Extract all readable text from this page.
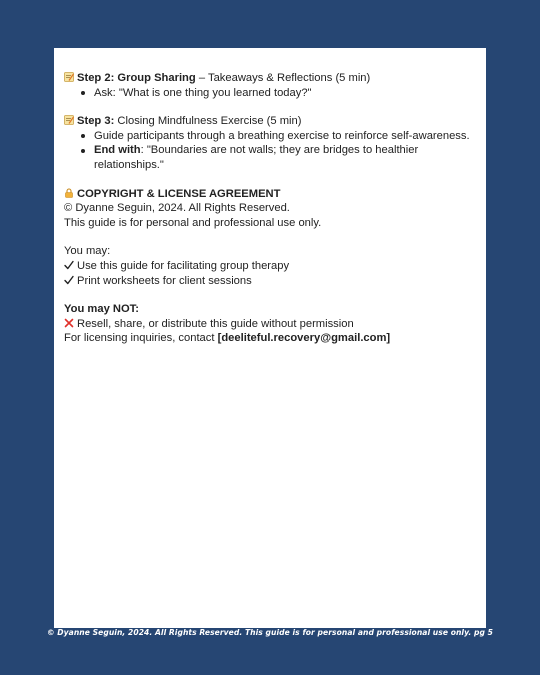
Step 2: Group Sharing – Takeaways & Reflections (5 min)

Ask: "What is one thing you learned today?"

Step 3: Closing Mindfulness Exercise (5 min)

Guide participants through a breathing exercise to reinforce self-awareness.
End with: "Boundaries are not walls; they are bridges to healthier relationships."

COPYRIGHT & LICENSE AGREEMENT

© Dyanne Seguin, 2024. All Rights Reserved.

This guide is for personal and professional use only.

You may:

Use this guide for facilitating group therapy

Print worksheets for client sessions

You may NOT:

Resell, share, or distribute this guide without permission

For licensing inquiries, contact [deeliteful.recovery@gmail.com]

© Dyanne Seguin, 2024. All Rights Reserved. This guide is for personal and professional use only. pg 5
